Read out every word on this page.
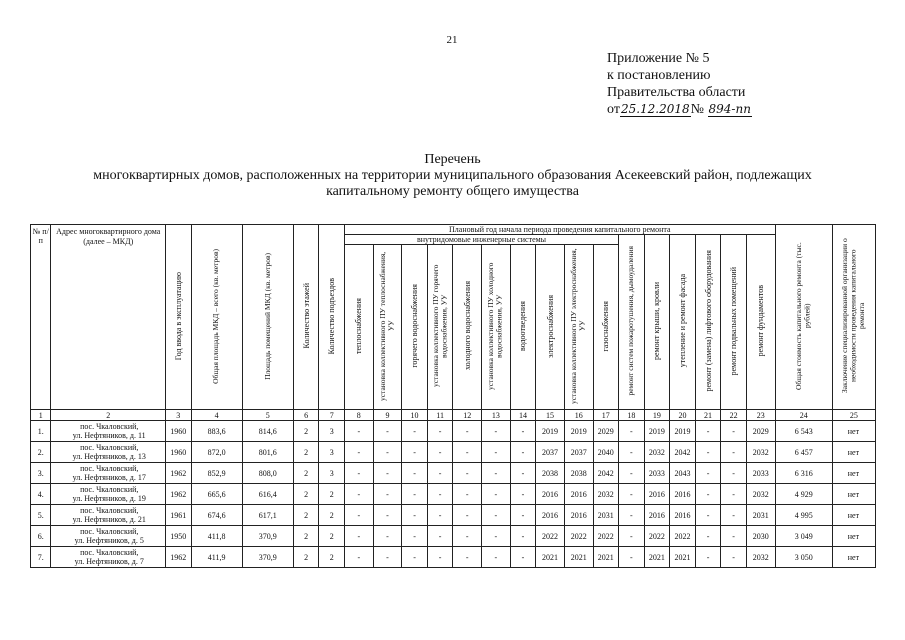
21
Приложение № 5
к постановлению
Правительства области
от25.12.2018№ 894-пп
Перечень
многоквартирных домов, расположенных на территории муниципального образования Асекеевский район, подлежащих
капитальному ремонту общего имущества
№ п/п	Адрес многоквартирного дома (далее – МКД)	Год ввода в эксплуатацию	Общая площадь МКД – всего (кв. метров)	Площадь помещений МКД (кв. метров)	Количество этажей	Количество подъездов	Плановый год начала периода проведения капитального ремонта																Общая стоимость капитального ремонта (тыс. рублей)	Заключение специализированной организации о необходимости проведения капитального ремонта
							внутридомовые инженерные системы										ремонт систем пожаротушения, дымоудаления	ремонт крыши, кровли	утепление и ремонт фасада	ремонт (замена) лифтового оборудования	ремонт подвальных помещений	ремонт фундаментов		
							теплоснабжения	установка коллективного ПУ теплоснабжения, УУ	горячего водоснабжения	установка коллективного ПУ горячего водоснабжения, УУ	холодного водоснабжения	установка коллективного ПУ холодного водоснабжения, УУ	водоотведения	электроснабжения	установка коллективного ПУ электроснабжения, УУ	газоснабжения								
1	2	3	4	5	6	7	8	9	10	11	12	13	14	15	16	17	18	19	20	21	22	23	24	25
1.	пос. Чкаловский,
ул. Нефтяников, д. 11	1960	883,6	814,6	2	3	-	-	-	-	-	-	-	2019	2019	2029	-	2019	2019	-	-	2029	6 543	нет
2.	пос. Чкаловский,
ул. Нефтяников, д. 13	1960	872,0	801,6	2	3	-	-	-	-	-	-	-	2037	2037	2040	-	2032	2042	-	-	2032	6 457	нет
3.	пос. Чкаловский,
ул. Нефтяников, д. 17	1962	852,9	808,0	2	3	-	-	-	-	-	-	-	2038	2038	2042	-	2033	2043	-	-	2033	6 316	нет
4.	пос. Чкаловский,
ул. Нефтяников, д. 19	1962	665,6	616,4	2	2	-	-	-	-	-	-	-	2016	2016	2032	-	2016	2016	-	-	2032	4 929	нет
5.	пос. Чкаловский,
ул. Нефтяников, д. 21	1961	674,6	617,1	2	2	-	-	-	-	-	-	-	2016	2016	2031	-	2016	2016	-	-	2031	4 995	нет
6.	пос. Чкаловский,
ул. Нефтяников, д. 5	1950	411,8	370,9	2	2	-	-	-	-	-	-	-	2022	2022	2022	-	2022	2022	-	-	2030	3 049	нет
7.	пос. Чкаловский,
ул. Нефтяников, д. 7	1962	411,9	370,9	2	2	-	-	-	-	-	-	-	2021	2021	2021	-	2021	2021	-	-	2032	3 050	нет
